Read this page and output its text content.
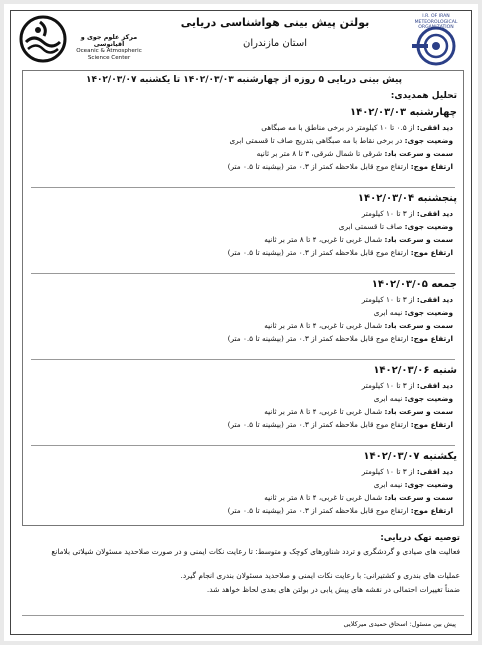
مرکز علوم جوی و اقیانوسی
Oceanic & Atmospheric Science Center
بولتن پیش بینی هواشناسی دریایی
استان مازندران
I.R. OF IRAN METEOROLOGICAL ORGANIZATION
پیش بینی دریایی ۵ روزه از چهارشنبه ۱۴۰۲/۰۳/۰۳ تا یکشنبه ۱۴۰۲/۰۳/۰۷
تحلیل همدیدی:
چهارشنبه ۱۴۰۲/۰۳/۰۳
دید افقی: از ۰.۵ تا ۱۰ کیلومتر در برخی مناطق با مه صبگاهی
وضعیت جوی: در برخی نقاط با مه صبگاهی بتدریج صاف تا قسمتی ابری
سمت و سرعت باد: شرقی تا شمال شرقی، ۳ تا ۸ متر بر ثانیه
ارتفاع موج: ارتفاع موج قابل ملاحظه کمتر از ۰.۳ متر (بیشینه تا ۰.۵ متر)
پنجشنبه ۱۴۰۲/۰۳/۰۴
دید افقی: از ۳ تا ۱۰ کیلومتر
وضعیت جوی: صاف تا قسمتی ابری
سمت و سرعت باد: شمال غربی تا غربی، ۴ تا ۸ متر بر ثانیه
ارتفاع موج: ارتفاع موج قابل ملاحظه کمتر از ۰.۳ متر (بیشینه تا ۰.۵ متر)
جمعه ۱۴۰۲/۰۳/۰۵
دید افقی: از ۳ تا ۱۰ کیلومتر
وضعیت جوی: نیمه ابری
سمت و سرعت باد: شمال غربی تا غربی، ۴ تا ۸ متر بر ثانیه
ارتفاع موج: ارتفاع موج قابل ملاحظه کمتر از ۰.۳ متر (بیشینه تا ۰.۵ متر)
شنبه ۱۴۰۲/۰۳/۰۶
دید افقی: از ۳ تا ۱۰ کیلومتر
وضعیت جوی: نیمه ابری
سمت و سرعت باد: شمال غربی تا غربی، ۴ تا ۸ متر بر ثانیه
ارتفاع موج: ارتفاع موج قابل ملاحظه کمتر از ۰.۳ متر (بیشینه تا ۰.۵ متر)
یکشنبه ۱۴۰۲/۰۳/۰۷
دید افقی: از ۳ تا ۱۰ کیلومتر
وضعیت جوی: نیمه ابری
سمت و سرعت باد: شمال غربی تا غربی، ۴ تا ۸ متر بر ثانیه
ارتفاع موج: ارتفاع موج قابل ملاحظه کمتر از ۰.۳ متر (بیشینه تا ۰.۵ متر)
توصیه تهک دریایی:
فعالیت های صیادی و گردشگری و تردد شناورهای کوچک و متوسط: تا رعایت نکات ایمنی و در صورت صلاحدید مسئولان شیلاتی بلامانع
عملیات های بندری و کشتیرانی: با رعایت نکات ایمنی و صلاحدید مسئولان بندری انجام گیرد.
ضمناً تغییرات احتمالی در نقشه های پیش یابی در بولتن های بعدی لحاظ خواهد شد.
پیش بین مسئول: اسحاق حمیدی میرکلایی
